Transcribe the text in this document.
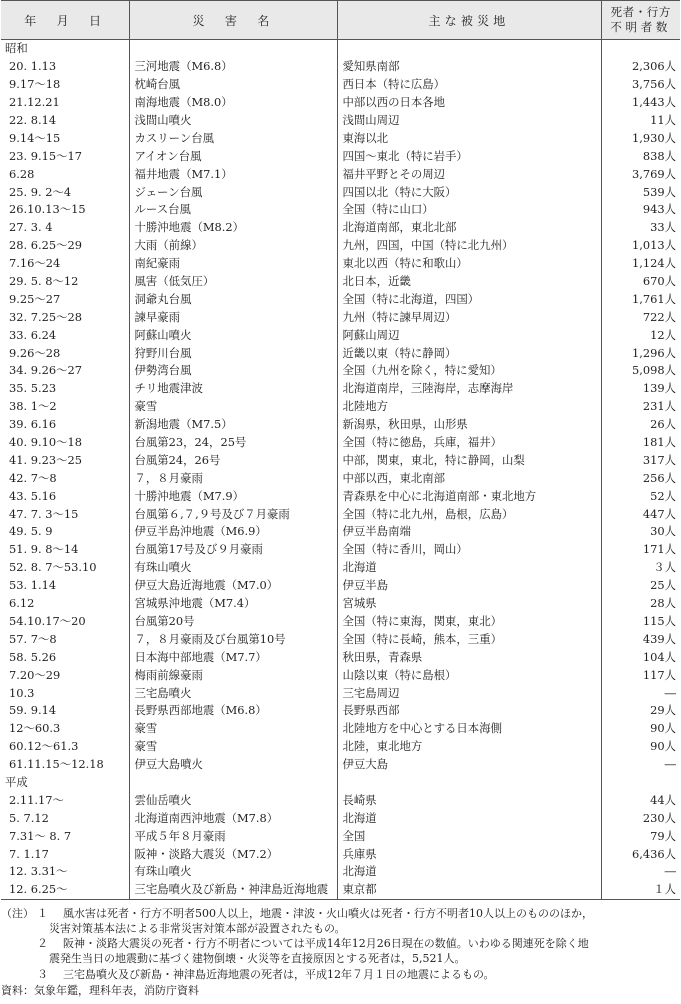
年　月　日	災　害　名	主な被災地	死者・行方
不明者数

昭和			
20. 1.13	三河地震（M6.8）	愛知県南部	2,306人
9.17～18	枕崎台風	西日本（特に広島）	3,756人
21.12.21	南海地震（M8.0）	中部以西の日本各地	1,443人
22. 8.14	浅間山噴火	浅間山周辺	11人
9.14～15	カスリーン台風	東海以北	1,930人
23. 9.15～17	アイオン台風	四国～東北（特に岩手）	838人
6.28	福井地震（M7.1）	福井平野とその周辺	3,769人
25. 9. 2～4	ジェーン台風	四国以北（特に大阪）	539人
26.10.13～15	ルース台風	全国（特に山口）	943人
27. 3. 4	十勝沖地震（M8.2）	北海道南部，東北北部	33人
28. 6.25～29	大雨（前線）	九州，四国，中国（特に北九州）	1,013人
7.16～24	南紀豪雨	東北以西（特に和歌山）	1,124人
29. 5. 8～12	風害（低気圧）	北日本，近畿	670人
9.25～27	洞爺丸台風	全国（特に北海道，四国）	1,761人
32. 7.25～28	諫早豪雨	九州（特に諫早周辺）	722人
33. 6.24	阿蘇山噴火	阿蘇山周辺	12人
9.26～28	狩野川台風	近畿以東（特に静岡）	1,296人
34. 9.26～27	伊勢湾台風	全国（九州を除く，特に愛知）	5,098人
35. 5.23	チリ地震津波	北海道南岸，三陸海岸，志摩海岸	139人
38. 1～2	豪雪	北陸地方	231人
39. 6.16	新潟地震（M7.5）	新潟県，秋田県，山形県	26人
40. 9.10～18	台風第23，24，25号	全国（特に徳島，兵庫，福井）	181人
41. 9.23～25	台風第24，26号	中部，関東，東北，特に静岡，山梨	317人
42. 7～8	７，８月豪雨	中部以西，東北南部	256人
43. 5.16	十勝沖地震（M7.9）	青森県を中心に北海道南部・東北地方	52人
47. 7. 3～15	台風第６,７,９号及び７月豪雨	全国（特に北九州，島根，広島）	447人
49. 5. 9	伊豆半島沖地震（M6.9）	伊豆半島南端	30人
51. 9. 8～14	台風第17号及び９月豪雨	全国（特に香川，岡山）	171人
52. 8. 7～53.10	有珠山噴火	北海道	３人
53. 1.14	伊豆大島近海地震（M7.0）	伊豆半島	25人
6.12	宮城県沖地震（M7.4）	宮城県	28人
54.10.17～20	台風第20号	全国（特に東海，関東，東北）	115人
57. 7～8	７，８月豪雨及び台風第10号	全国（特に長崎，熊本，三重）	439人
58. 5.26	日本海中部地震（M7.7）	秋田県，青森県	104人
7.20～29	梅雨前線豪雨	山陰以東（特に島根）	117人
10.3	三宅島噴火	三宅島周辺	―
59. 9.14	長野県西部地震（M6.8）	長野県西部	29人
12～60.3	豪雪	北陸地方を中心とする日本海側	90人
60.12～61.3	豪雪	北陸，東北地方	90人
61.11.15～12.18	伊豆大島噴火	伊豆大島	―
平成			
2.11.17～	雲仙岳噴火	長崎県	44人
5. 7.12	北海道南西沖地震（M7.8）	北海道	230人
7.31～ 8. 7	平成５年８月豪雨	全国	79人
7. 1.17	阪神・淡路大震災（M7.2）	兵庫県	6,436人
12. 3.31～	有珠山噴火	北海道	―
12. 6.25～	三宅島噴火及び新島・神津島近海地震	東京都	１人
（注） １	風水害は死者・行方不明者500人以上，地震・津波・火山噴火は死者・行方不明者10人以上のもののほか，
災害対策基本法による非常災害対策本部が設置されたもの。
２	阪神・淡路大震災の死者・行方不明者については平成14年12月26日現在の数値。いわゆる関連死を除く地
震発生当日の地震動に基づく建物倒壊・火災等を直接原因とする死者は，5,521人。
３	三宅島噴火及び新島・神津島近海地震の死者は，平成12年７月１日の地震によるもの。
資料：気象年鑑，理科年表，消防庁資料
